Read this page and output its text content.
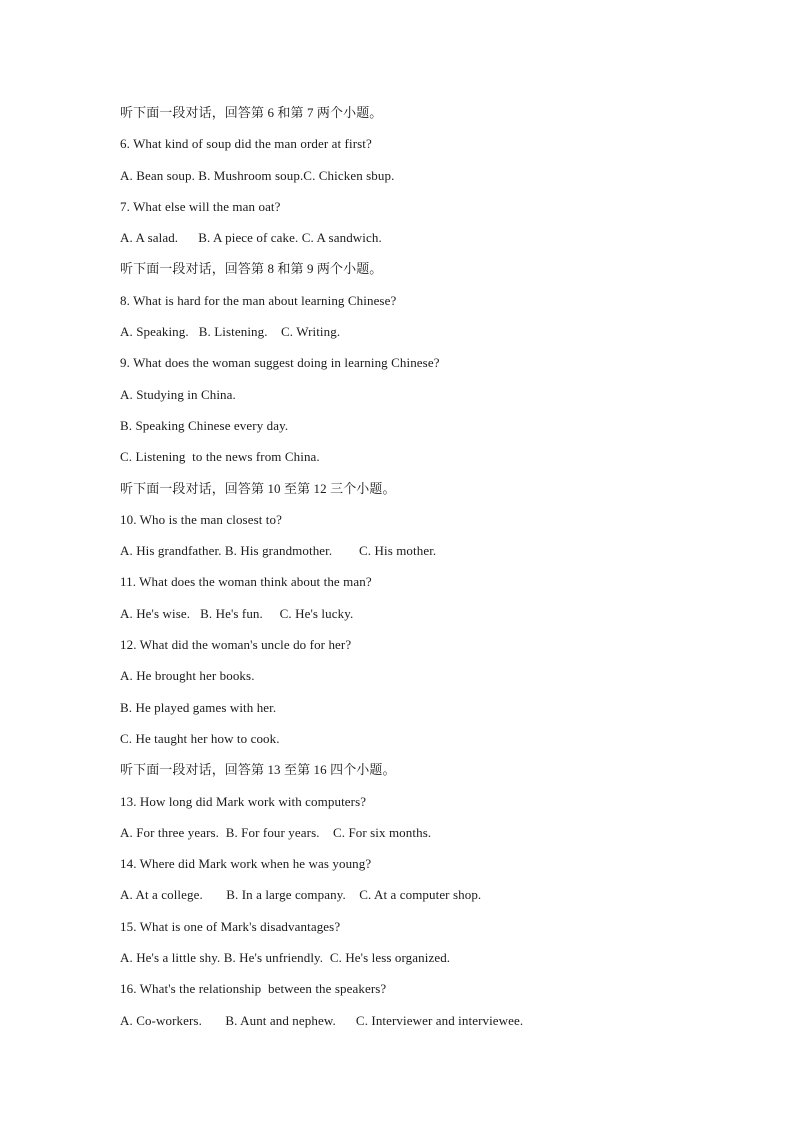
听下面一段对话，回答第 6 和第 7 两个小题。
6. What kind of soup did the man order at first?
A. Bean soup. B. Mushroom soup.C. Chicken sbup.
7. What else will the man oat?
A. A salad.      B. A piece of cake. C. A sandwich.
听下面一段对话，回答第 8 和第 9 两个小题。
8. What is hard for the man about learning Chinese?
A. Speaking.   B. Listening.    C. Writing.
9. What does the woman suggest doing in learning Chinese?
A. Studying in China.
B. Speaking Chinese every day.
C. Listening  to the news from China.
听下面一段对话，回答第 10 至第 12 三个小题。
10. Who is the man closest to?
A. His grandfather. B. His grandmother.        C. His mother.
11. What does the woman think about the man?
A. He's wise.   B. He's fun.     C. He's lucky.
12. What did the woman's uncle do for her?
A. He brought her books.
B. He played games with her.
C. He taught her how to cook.
听下面一段对话，回答第 13 至第 16 四个小题。
13. How long did Mark work with computers?
A. For three years.  B. For four years.    C. For six months.
14. Where did Mark work when he was young?
A. At a college.       B. In a large company.    C. At a computer shop.
15. What is one of Mark's disadvantages?
A. He's a little shy. B. He's unfriendly.  C. He's less organized.
16. What's the relationship  between the speakers?
A. Co-workers.       B. Aunt and nephew.      C. Interviewer and interviewee.
